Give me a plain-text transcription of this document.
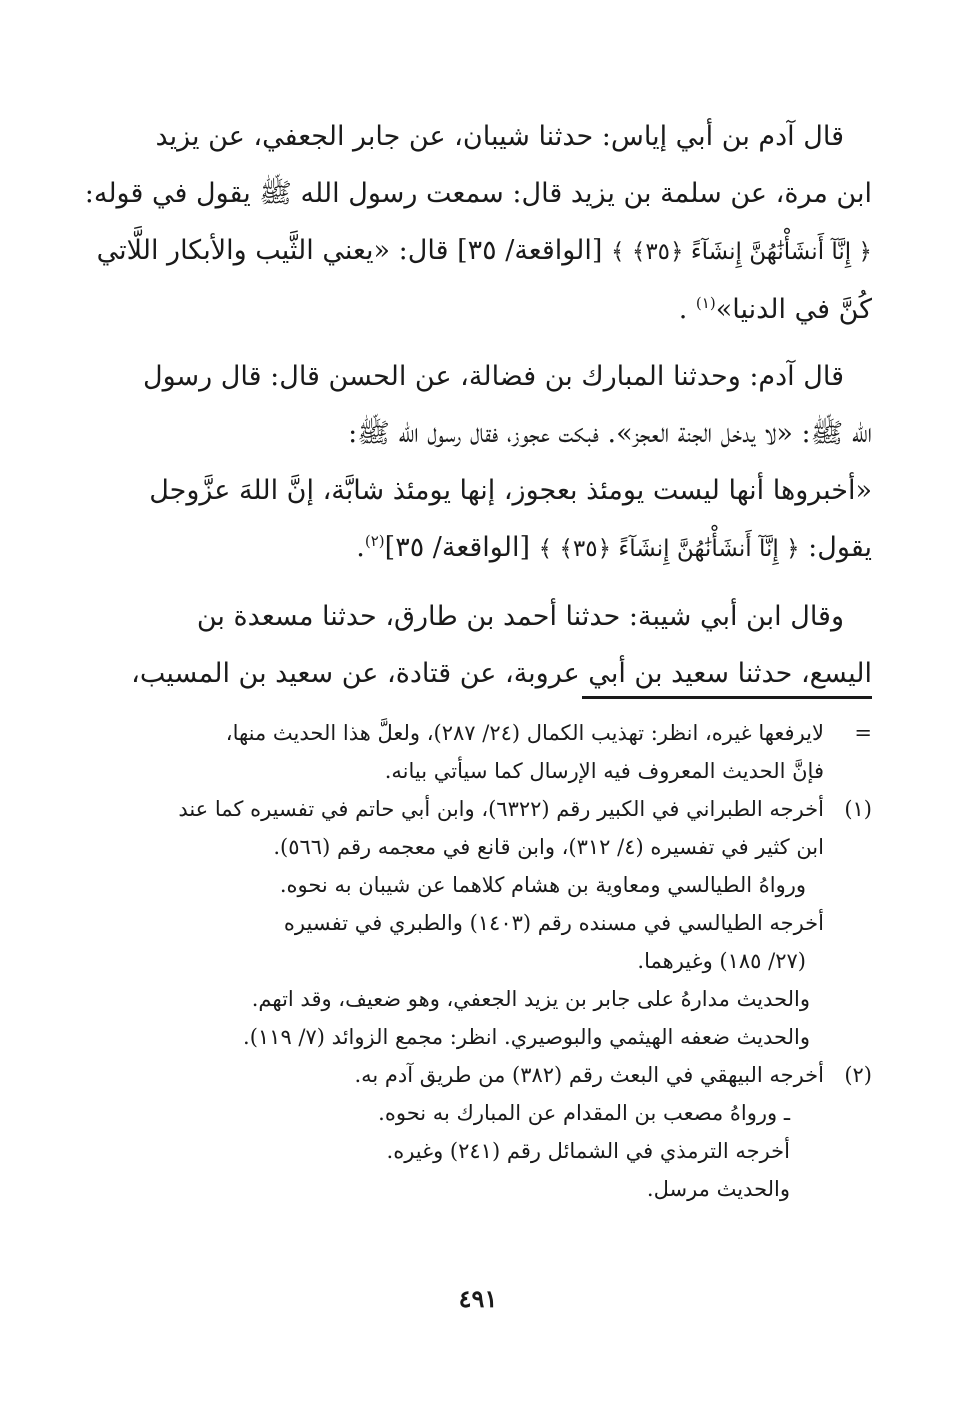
قال آدم بن أبي إياس: حدثنا شيبان، عن جابر الجعفي، عن يزيد

ابن مرة، عن سلمة بن يزيد قال: سمعت رسول الله ﷺ يقول في قوله:

﴿ إِنَّآ أَنشَأْنَٰهُنَّ إِنشَآءً ﴿٣٥﴾ ﴾ [الواقعة/ ٣٥] قال: «يعني الثَّيب والأبكار اللَّاتي

كُنَّ في الدنيا»$^{(١)}$ .

قال آدم: وحدثنا المبارك بن فضالة، عن الحسن قال: قال رسول

الله ﷺ: «لا يدخل الجنة العجز». فبكت عجوز، فقال رسول الله ﷺ:

«أخبروها أنها ليست يومئذ بعجوز، إنها يومئذ شابَّة، إنَّ اللهَ عزَّوجل

يقول: ﴿ إِنَّآ أَنشَأْنَٰهُنَّ إِنشَآءً ﴿٣٥﴾ ﴾ [الواقعة/ ٣٥]$^{(٢)}$.

وقال ابن أبي شيبة: حدثنا أحمد بن طارق، حدثنا مسعدة بن

اليسع، حدثنا سعيد بن أبي عروبة، عن قتادة، عن سعيد بن المسيب،

=

لايرفعها غيره، انظر: تهذيب الكمال (٢٤/ ٢٨٧)، ولعلَّ هذا الحديث منها،

فإنَّ الحديث المعروف فيه الإرسال كما سيأتي بيانه.

(١)

أخرجه الطبراني في الكبير رقم (٦٣٢٢)، وابن أبي حاتم في تفسيره كما عند

ابن كثير في تفسيره (٤/ ٣١٢)، وابن قانع في معجمه رقم (٥٦٦).

ورواهُ الطيالسي ومعاوية بن هشام كلاهما عن شيبان به نحوه.

أخرجه الطيالسي في مسنده رقم (١٤٠٣) والطبري في تفسيره

(٢٧/ ١٨٥) وغيرهما.

والحديث مدارهُ على جابر بن يزيد الجعفي، وهو ضعيف، وقد اتهم.

والحديث ضعفه الهيثمي والبوصيري. انظر: مجمع الزوائد (٧/ ١١٩).

(٢)

أخرجه البيهقي في البعث رقم (٣٨٢) من طريق آدم به.

ـ ورواهُ مصعب بن المقدام عن المبارك به نحوه.

أخرجه الترمذي في الشمائل رقم (٢٤١) وغيره.

والحديث مرسل.

٤٩١
